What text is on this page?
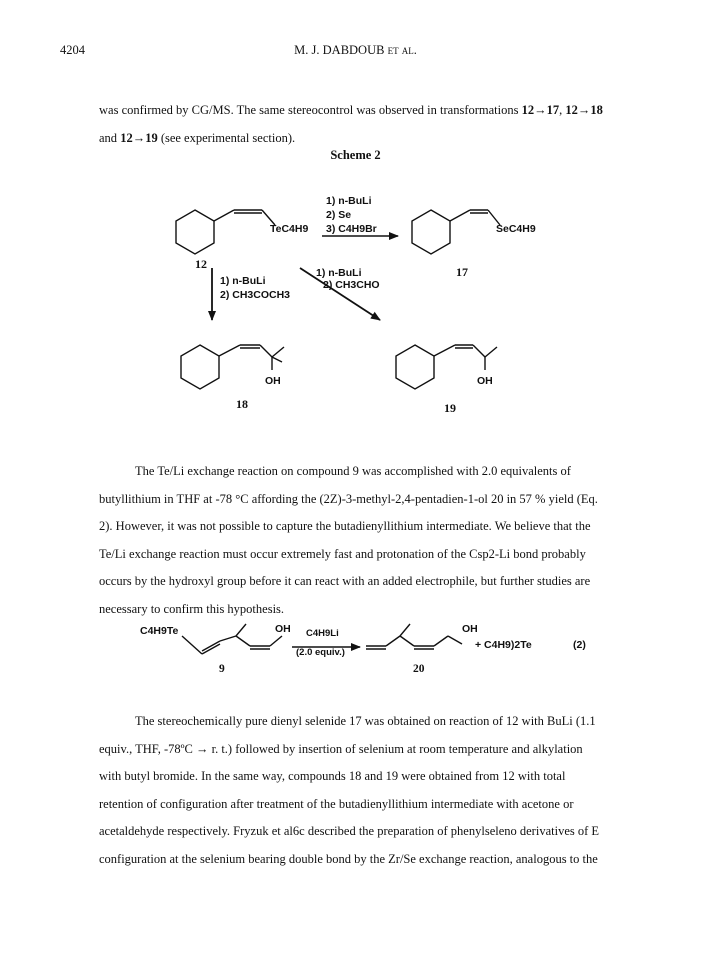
4204	M. J. DABDOUB et al.
was confirmed by CG/MS. The same stereocontrol was observed in transformations 12→17, 12→18
and 12→19 (see experimental section).
Scheme 2
TeC4H9	SeC4H9
1) n-BuLi
2) Se
3) C4H9Br
1) n-BuLi
2) CH3COCH3
1) n-BuLi
2) CH3CHO
OH	OH
12
17
18	19
The Te/Li exchange reaction on compound 9 was accomplished with 2.0 equivalents of
butyllithium in THF at -78 °C affording the (2Z)-3-methyl-2,4-pentadien-1-ol 20 in 57 % yield (Eq.
2). However, it was not possible to capture the butadienyllithium intermediate. We believe that the
Te/Li exchange reaction must occur extremely fast and protonation of the Csp2-Li bond probably
occurs by the hydroxyl group before it can react with an added electrophile, but further studies are
necessary to confirm this hypothesis.
C4H9Te	OH C4H9Li
(2.0 equiv.)
OH
+ C4H9)2Te	(2)
9	20
The stereochemically pure dienyl selenide 17 was obtained on reaction of 12 with BuLi (1.1
equiv., THF, -78ºC → r. t.) followed by insertion of selenium at room temperature and alkylation
with butyl bromide. In the same way, compounds 18 and 19 were obtained from 12 with total
retention of configuration after treatment of the butadienyllithium intermediate with acetone or
acetaldehyde respectively. Fryzuk et al6c described the preparation of phenylseleno derivatives of E
configuration at the selenium bearing double bond by the Zr/Se exchange reaction, analogous to the
